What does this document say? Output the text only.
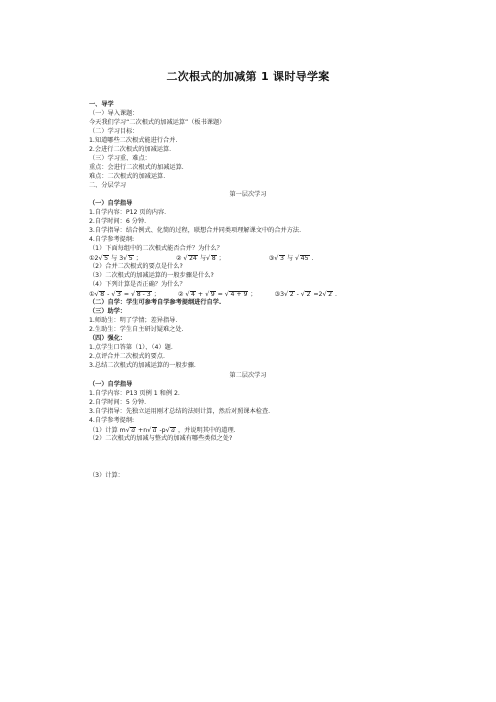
二次根式的加减第 1 课时导学案
一、导学
（一）导入课题：
今天我们学习“二次根式的加减运算”（板书课题）
（二）学习目标：
1.知道哪些二次根式能进行合并.
2.会进行二次根式的加减运算.
（三）学习重、难点：
重点：会进行二次根式的加减运算.
难点：二次根式的加减运算.
二、分层学习
第一层次学习
（一）自学指导
1.自学内容：P12 页的内容.
2.自学时间：6 分钟.
3.自学指导：结合例式、化简的过程，联想合并同类项理解课文中的合并方法.
4.自学参考提纲:
（1）下面每组中的二次根式能否合并？为什么？
①2√ 5 与 3√ 5 ；	② √ 24 与√ 8 ；	③√ 3 与 √ 45 .
（2）合并二次根式的要点是什么?
（3）二次根式的加减运算的一般步骤是什么?
（4）下列计算是否正确？为什么？
①√ 8 - √ 3 = √ 8 - 3 ；	② √ 4 + √ 9 = √ 4 + 9 ；	③3√ 2 - √ 2 =2√ 2 .
（二）自学：学生可参考自学参考提纲进行自学.
（三）助学：
1.师助生：明了学情；差异指导.
2.生助生：学生自主研讨疑难之处.
（四）强化：
1.点学生口答第（1）、（4）题.
2.点评合并二次根式的要点.
3.总结二次根式的加减运算的一般步骤.
第二层次学习
（一）自学指导
1.自学内容：P13 页例 1 和例 2.
2.自学时间：5 分钟.
3.自学指导：先独立运用刚才总结的法则计算，然后对照课本检查.
4.自学参考提纲:
（1）计算 m√ a +n√ a -p√ a ，并说明其中的道理.
（2）二次根式的加减与整式的加减有哪些类似之处?
（3）计算：
